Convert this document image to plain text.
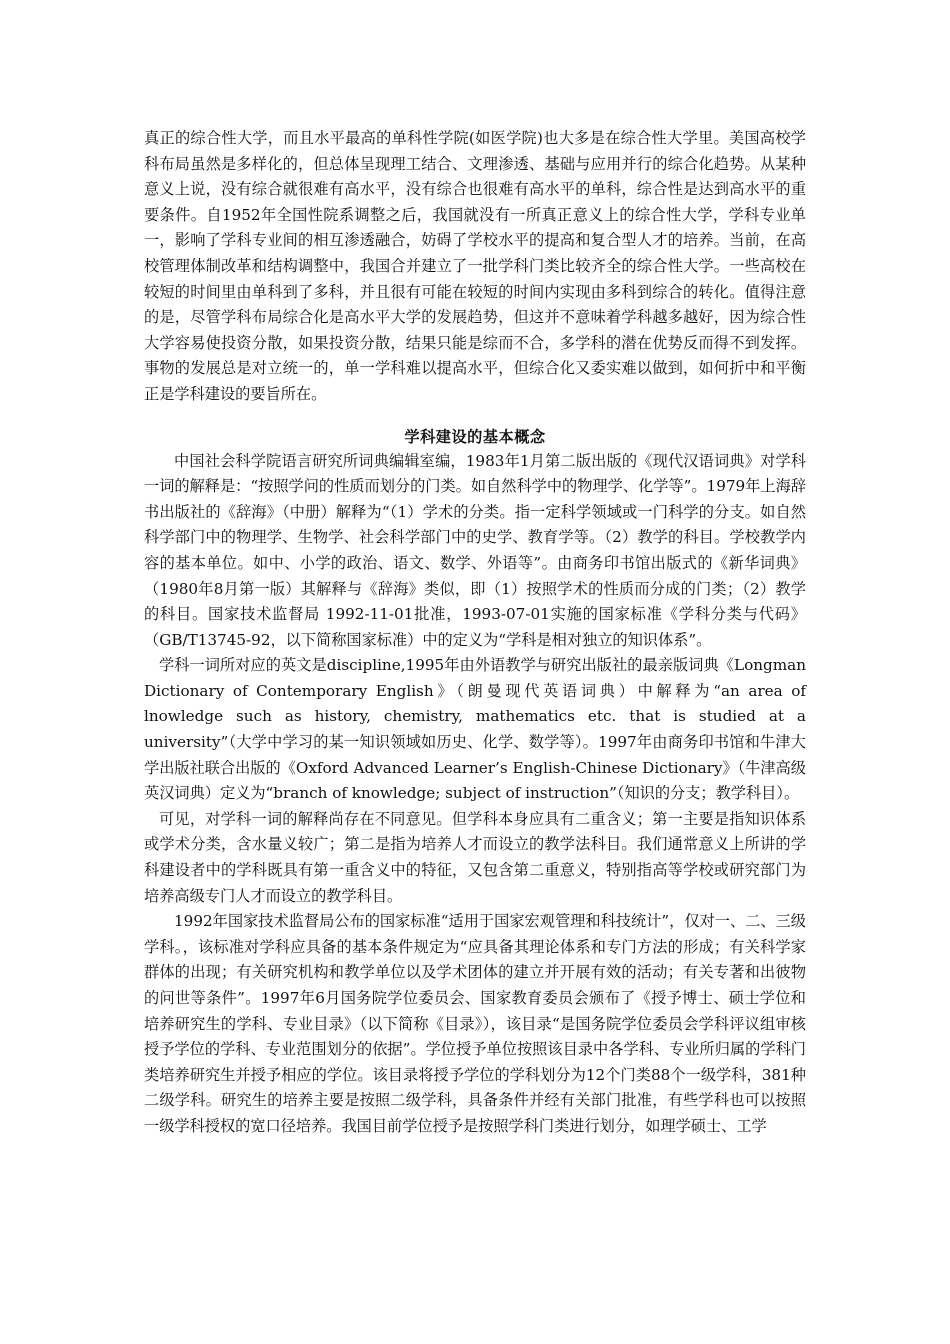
真正的综合性大学，而且水平最高的单科性学院(如医学院)也大多是在综合性大学里。美国高校学科布局虽然是多样化的，但总体呈现理工结合、文理渗透、基础与应用并行的综合化趋势。从某种意义上说，没有综合就很难有高水平，没有综合也很难有高水平的单科，综合性是达到高水平的重要条件。自1952年全国性院系调整之后，我国就没有一所真正意义上的综合性大学，学科专业单一，影响了学科专业间的相互渗透融合，妨碍了学校水平的提高和复合型人才的培养。当前，在高校管理体制改革和结构调整中，我国合并建立了一批学科门类比较齐全的综合性大学。一些高校在较短的时间里由单科到了多科，并且很有可能在较短的时间内实现由多科到综合的转化。值得注意的是，尽管学科布局综合化是高水平大学的发展趋势，但这并不意味着学科越多越好，因为综合性大学容易使投资分散，如果投资分散，结果只能是综而不合，多学科的潜在优势反而得不到发挥。事物的发展总是对立统一的，单一学科难以提高水平，但综合化又委实难以做到，如何折中和平衡正是学科建设的要旨所在。

学科建设的基本概念

中国社会科学院语言研究所词典编辑室编，1983年1月第二版出版的《现代汉语词典》对学科一词的解释是：“按照学问的性质而划分的门类。如自然科学中的物理学、化学等”。1979年上海辞书出版社的《辞海》（中册）解释为“（1）学术的分类。指一定科学领域或一门科学的分支。如自然科学部门中的物理学、生物学、社会科学部门中的史学、教育学等。（2）教学的科目。学校教学内容的基本单位。如中、小学的政治、语文、数学、外语等”。由商务印书馆出版式的《新华词典》（1980年8月第一版）其解释与《辞海》类似，即（1）按照学术的性质而分成的门类；（2）教学的科目。国家技术监督局 1992-11-01批准，1993-07-01实施的国家标准《学科分类与代码》（GB/T13745-92，以下简称国家标准）中的定义为“学科是相对独立的知识体系”。

学科一词所对应的英文是discipline,1995年由外语教学与研究出版社的最亲版词典《Longman Dictionary of Contemporary English》（朗曼现代英语词典）中解释为“an area of lnowledge such as history, chemistry, mathematics etc. that is studied at a university”（大学中学习的某一知识领域如历史、化学、数学等）。1997年由商务印书馆和牛津大学出版社联合出版的《Oxford Advanced Learner’s English-Chinese Dictionary》（牛津高级英汉词典）定义为“branch of knowledge; subject of instruction”（知识的分支；教学科目）。

可见，对学科一词的解释尚存在不同意见。但学科本身应具有二重含义；第一主要是指知识体系或学术分类，含水量义较广；第二是指为培养人才而设立的教学法科目。我们通常意义上所讲的学科建设者中的学科既具有第一重含义中的特征，又包含第二重意义，特别指高等学校或研究部门为培养高级专门人才而设立的教学科目。

1992年国家技术监督局公布的国家标准“适用于国家宏观管理和科技统计”，仅对一、二、三级学科。，该标准对学科应具备的基本条件规定为“应具备其理论体系和专门方法的形成；有关科学家群体的出现；有关研究机构和教学单位以及学术团体的建立并开展有效的活动；有关专著和出彼物的问世等条件”。1997年6月国务院学位委员会、国家教育委员会颁布了《授予博士、硕士学位和培养研究生的学科、专业目录》（以下简称《目录》），该目录“是国务院学位委员会学科评议组审核授予学位的学科、专业范围划分的依据”。学位授予单位按照该目录中各学科、专业所归属的学科门类培养研究生并授予相应的学位。该目录将授予学位的学科划分为12个门类88个一级学科，381种二级学科。研究生的培养主要是按照二级学科，具备条件并经有关部门批准，有些学科也可以按照一级学科授权的宽口径培养。我国目前学位授予是按照学科门类进行划分，如理学硕士、工学
